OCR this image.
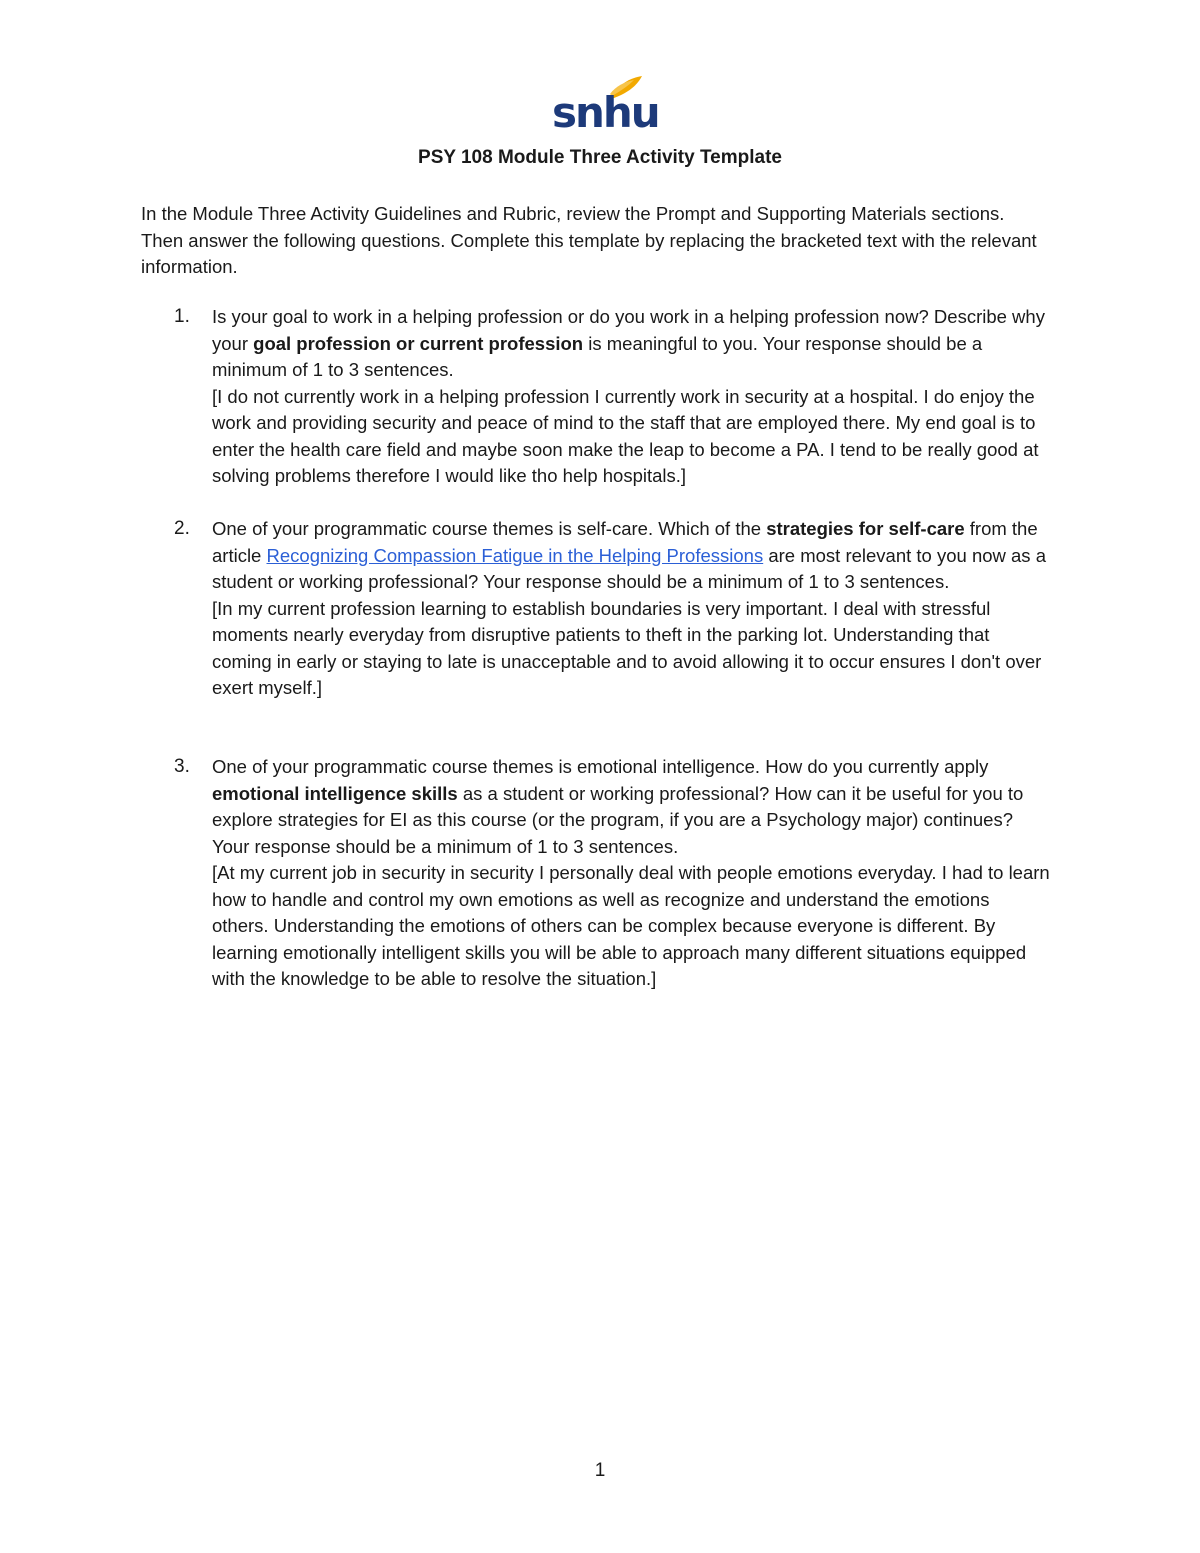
snhu
PSY 108 Module Three Activity Template
In the Module Three Activity Guidelines and Rubric, review the Prompt and Supporting Materials sections. Then answer the following questions. Complete this template by replacing the bracketed text with the relevant information.
1. Is your goal to work in a helping profession or do you work in a helping profession now? Describe why your goal profession or current profession is meaningful to you. Your response should be a minimum of 1 to 3 sentences.

[I do not currently work in a helping profession I currently work in security at a hospital. I do enjoy the work and providing security and peace of mind to the staff that are employed there. My end goal is to enter the health care field and maybe soon make the leap to become a PA. I tend to be really good at solving problems therefore I would like tho help hospitals.]

2. One of your programmatic course themes is self-care. Which of the strategies for self-care from the article Recognizing Compassion Fatigue in the Helping Professions are most relevant to you now as a student or working professional? Your response should be a minimum of 1 to 3 sentences.

[In my current profession learning to establish boundaries is very important. I deal with stressful moments nearly everyday from disruptive patients to theft in the parking lot. Understanding that coming in early or staying to late is unacceptable and to avoid allowing it to occur ensures I don't over exert myself.]

3. One of your programmatic course themes is emotional intelligence. How do you currently apply emotional intelligence skills as a student or working professional? How can it be useful for you to explore strategies for EI as this course (or the program, if you are a Psychology major) continues? Your response should be a minimum of 1 to 3 sentences.

[At my current job in security in security I personally deal with people emotions everyday. I had to learn how to handle and control my own emotions as well as recognize and understand the emotions others. Understanding the emotions of others can be complex because everyone is different. By learning emotionally intelligent skills you will be able to approach many different situations equipped with the knowledge to be able to resolve the situation.]

1
